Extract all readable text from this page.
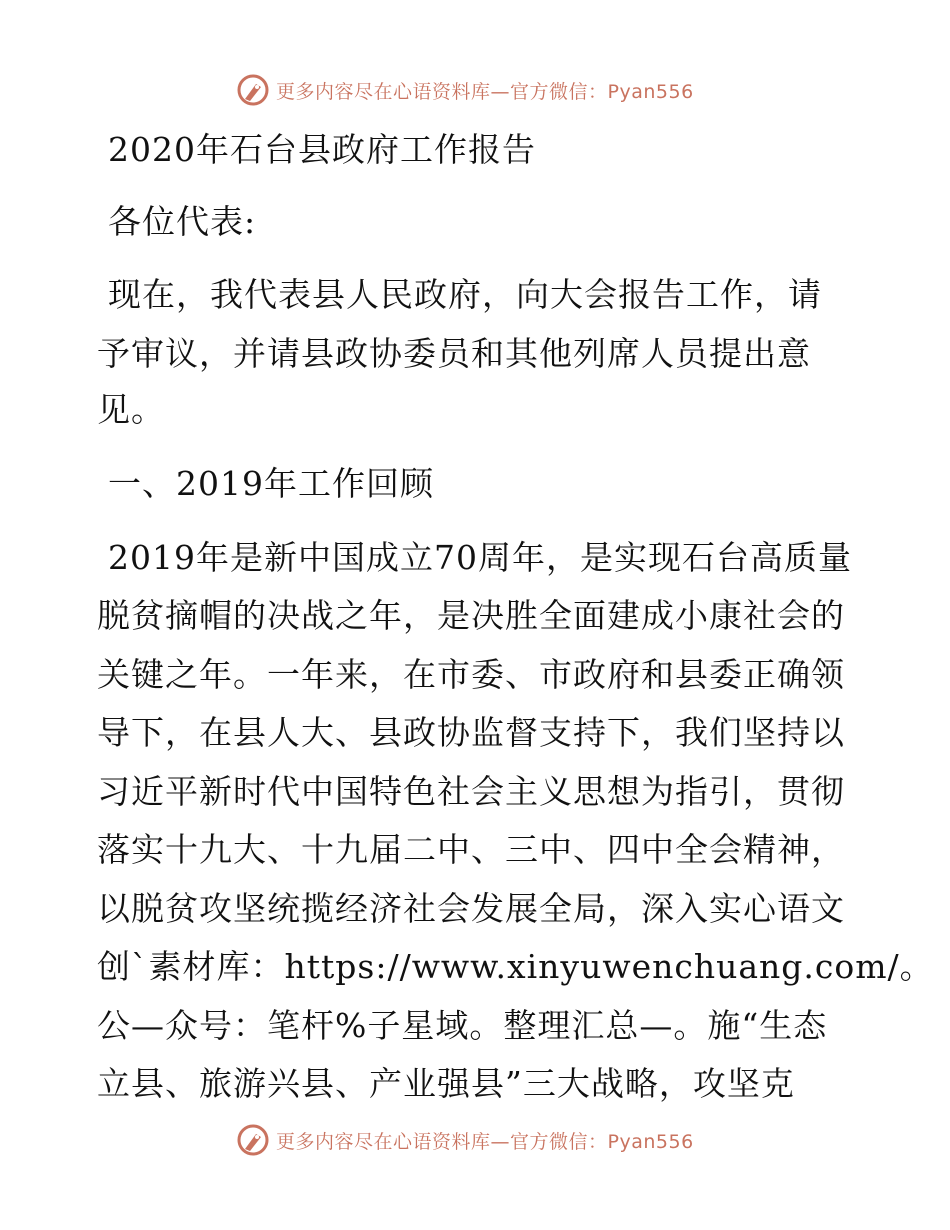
更多内容尽在心语资料库—官方微信：Pyan556
2020年石台县政府工作报告
各位代表:
现在，我代表县人民政府，向大会报告工作，请
予审议，并请县政协委员和其他列席人员提出意
见。
一、2019年工作回顾
2019年是新中国成立70周年，是实现石台高质量
脱贫摘帽的决战之年，是决胜全面建成小康社会的
关键之年。一年来，在市委、市政府和县委正确领
导下，在县人大、县政协监督支持下，我们坚持以
习近平新时代中国特色社会主义思想为指引，贯彻
落实十九大、十九届二中、三中、四中全会精神，
以脱贫攻坚统揽经济社会发展全局，深入实心语文
创`素材库：https://www.xinyuwenchuang.com/。
公—众号：笔杆%子星域。整理汇总—。施“生态
立县、旅游兴县、产业强县”三大战略，攻坚克
更多内容尽在心语资料库—官方微信：Pyan556
